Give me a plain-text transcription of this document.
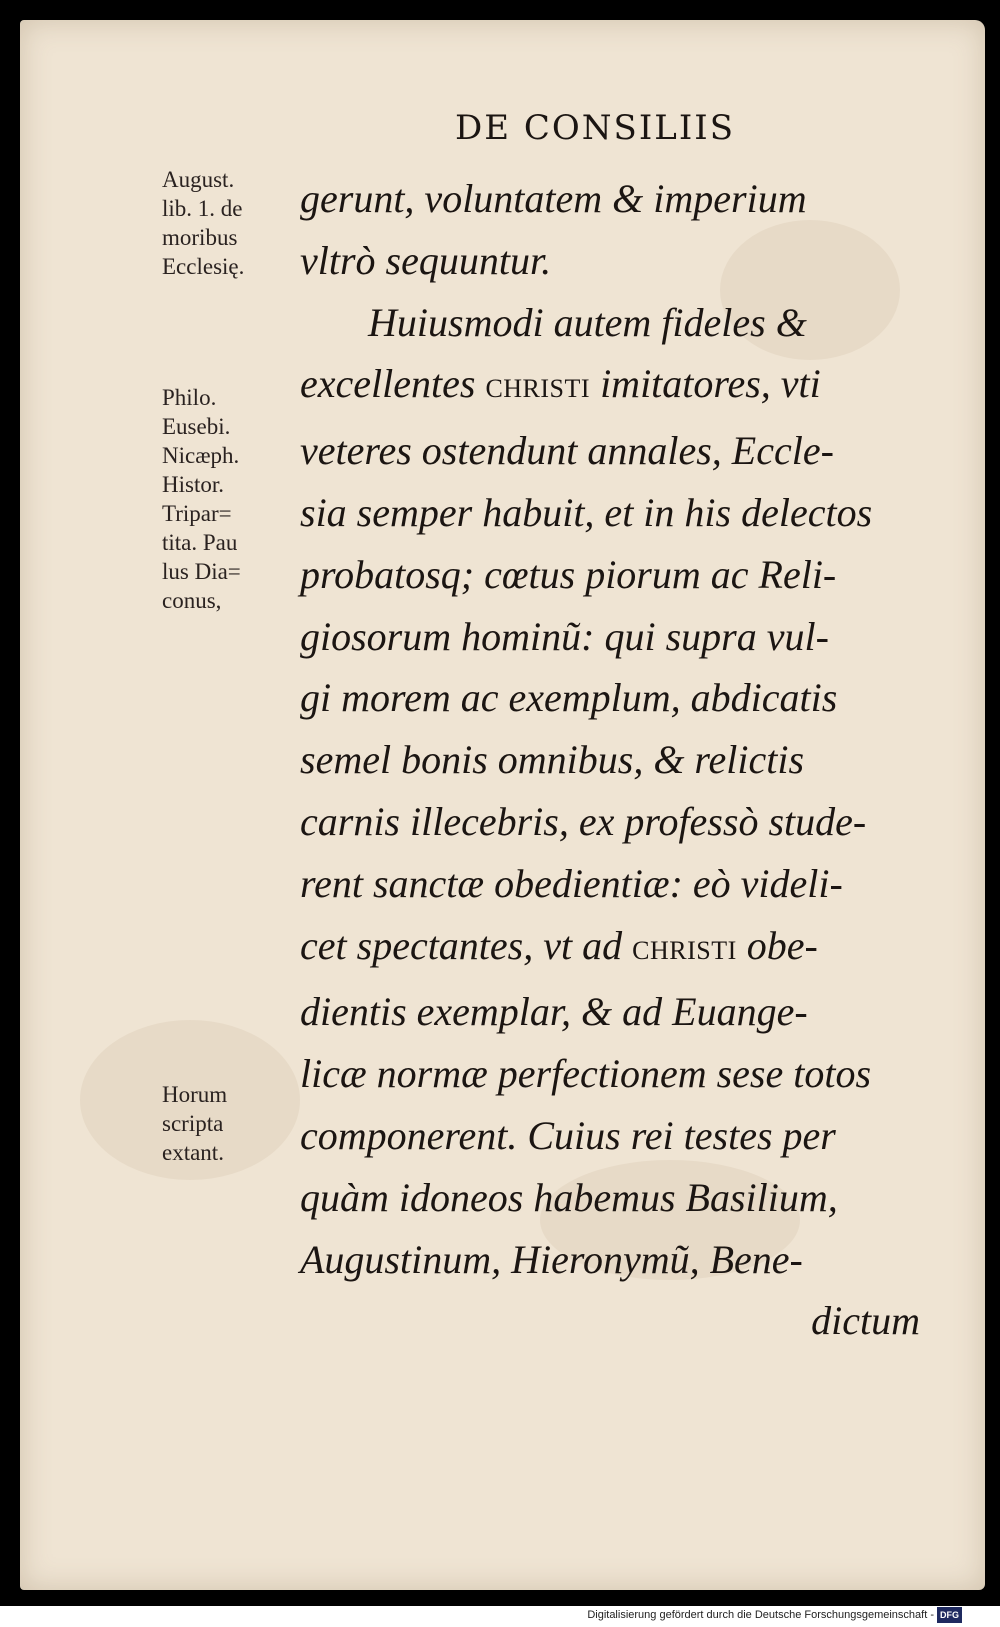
DE CONSILIIS
August.
lib. 1. de
moribus
Ecclesię.
Philo.
Eusebi.
Nicæph.
Histor.
Tripar=
tita. Pau
lus Dia=
conus,
Horum
scripta
extant.
gerunt, voluntatem & imperium
vltrò sequuntur.
Huiusmodi autem fideles &
excellentes CHRISTI imitatores, vti
veteres ostendunt annales, Eccle-
sia semper habuit, et in his delectos
probatosq; cœtus piorum ac Reli-
giosorum hominũ: qui supra vul-
gi morem ac exemplum, abdicatis
semel bonis omnibus, & relictis
carnis illecebris, ex professò stude-
rent sanctæ obedientiæ: eò videli-
cet spectantes, vt ad CHRISTI obe-
dientis exemplar, & ad Euange-
licæ normæ perfectionem sese totos
componerent. Cuius rei testes per
quàm idoneos habemus Basilium,
Augustinum, Hieronymũ, Bene-
dictum
Digitalisierung gefördert durch die Deutsche Forschungsgemeinschaft - DFG
